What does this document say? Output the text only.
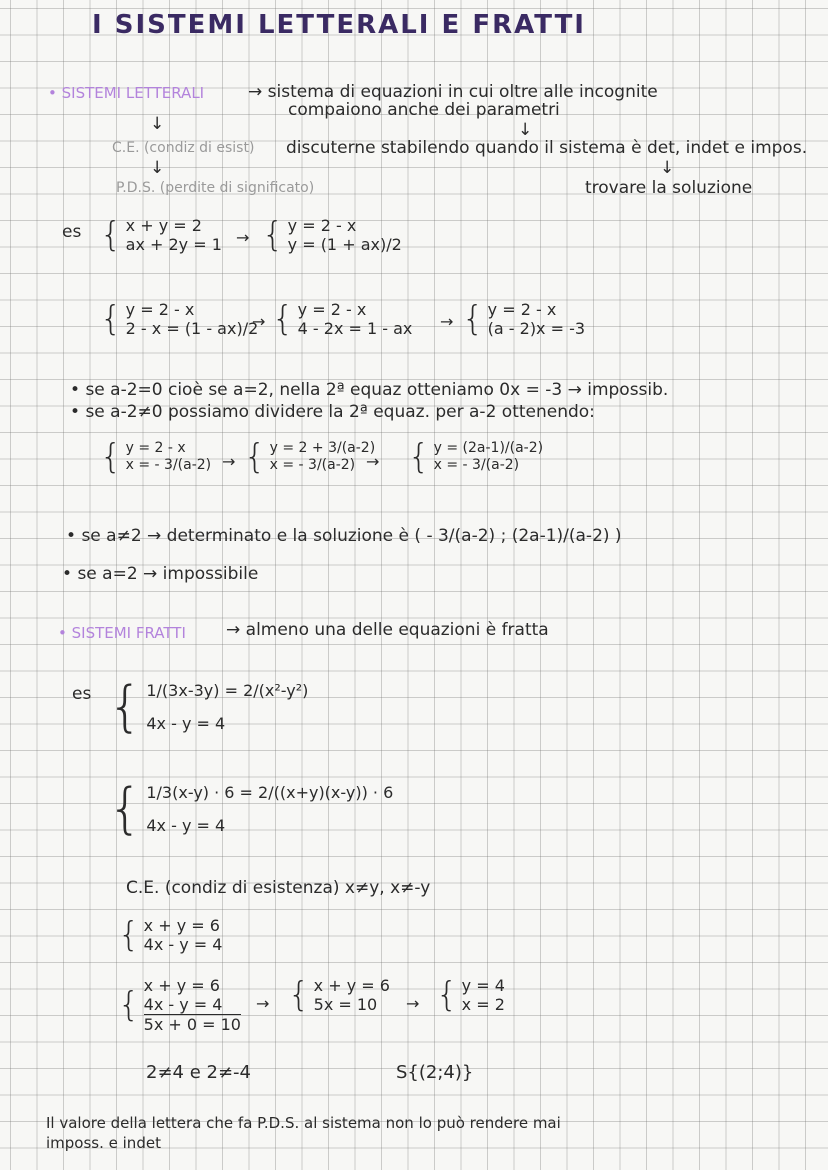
I SISTEMI LETTERALI E FRATTI
• SISTEMI LETTERALI	→ sistema di equazioni in cui oltre alle incognite
compaiono anche dei parametri
↓	↓
C.E. (condiz di esist) discuterne stabilendo quando il sistema è det, indet e impos.
↓	↓
P.D.S. (perdite di significato)	trovare la soluzione
es { x + y = 2
ax + 2y = 1 → { y = 2 - x
y = (1 + ax)/2
{ y = 2 - x
2 - x = (1 - ax)/2
→ { y = 2 - x
4 - 2x = 1 - ax → { y = 2 - x
(a - 2)x = -3
• se a-2=0 cioè se a=2, nella 2ª equaz otteniamo 0x = -3 → impossib.
• se a-2≠0 possiamo dividere la 2ª equaz. per a-2 ottenendo:
{ y = 2 - x
x = - 3/(a-2) → { y = 2 + 3/(a-2)
x = - 3/(a-2) → { y = (2a-1)/(a-2)
x = - 3/(a-2)
• se a≠2 → determinato e la soluzione è ( - 3/(a-2) ; (2a-1)/(a-2) )
• se a=2 → impossibile
• SISTEMI FRATTI → almeno una delle equazioni è fratta
es { 1/(3x-3y) = 2/(x²-y²)
4x - y = 4
{ 1/3(x-y) · 6 = 2/((x+y)(x-y)) · 6
4x - y = 4
C.E. (condiz di esistenza) x≠y, x≠-y
{ x + y = 6
4x - y = 4
{ x + y = 6
4x - y = 4
5x + 0 = 10
→ { x + y = 6
5x = 10	→ { y = 4
x = 2
2≠4 e 2≠-4	S{(2;4)}
Il valore della lettera che fa P.D.S. al sistema non lo può rendere mai
imposs. e indet
